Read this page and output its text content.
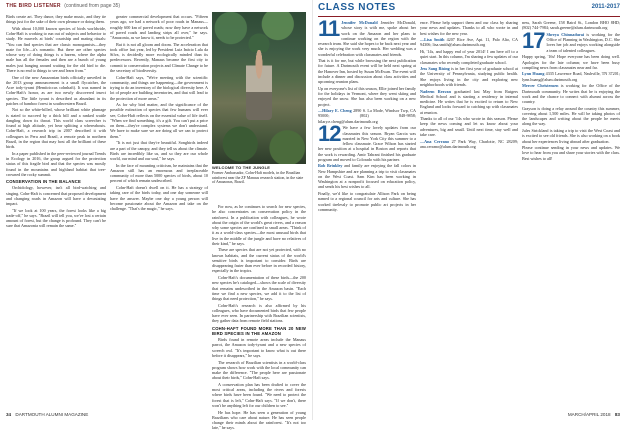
THE BIRD LISTENER (continued from page 35)

Birds create art. They dance, they make music, and they tie things just for the sake of their own pleasure or doing them.

With about 10,000 known species of birds worldwide, Cohn-Haft is working to run out of subjects and behavior to study. He marvels at birds' courtship and mating rituals: "You can find species that are classic monogamists—they mate for life—it's romantic. But there are other species whose way of doing things is a harem, where the alpha male has all the females and then are a bunch of young males just hanging around waiting for the old bird to die. There is no end to things to see and learn from."

One of the new Amazonian birds officially unveiled in the 2013 group announcement is a small flycatcher, the Acre tody-tyrant (Hemitriccus cohnhaft). It was named in Cohn-Haft's honor, as are two newly discovered insect species. The little tyrant is described as abundant in its patches of bamboo forest in southwestern Brazil.

Not so the white-billed, whose brilliant white plumage is stated to succeed by a thick bill and a ranked wattle dangling down its throat. This world class screecher is found at high altitude, yet hear splitting a whereabouts. Cohn-Haft, a research trip in 2007 described it with colleagues in Peru and Brazil, a remote peak in northern Brazil, in the region that may host all the brilliant of these birds.

In a paper published in the peer-reviewed journal Trends in Ecology in 2016, the group argued for the protection status of this fragile bird and that the species was mostly found in the mountains and highland habitat that tree-crowned the rocky summit.

CONSERVATION IN THE BALANCE

Orchidology, however, isn't all bird-watching and singing. Cohn-Haft is concerned that proposed development and changing roads in Amazon will have a devastating impact.

"If we look at 100 years, the forest looks like a big trade-off," he says. "Brazil will tell you, we've lost a certain amount of forest, but the change is profound. They can't be sure that Amazonia will remain the same."

greater commercial development that occurs. "Fifteen years ago, we had a network of poor roads in Manaus—roughly 600 km of paved roads; now they have a network of paved roads and landing strips all over," he says. "Amazonia, as we know it, needs to be protected."

But it is not all gloom and doom. The acceleration that took office last year, led by President Luiz Inácio Lula da Silva, is decidedly more ecologically minded than its predecessors. Recently, Manaus became the first city to commit to conservation projects and Climate Change to be the secretary of biodiversity.

Cohn-Haft says, "We're meeting with the scientific community, and things are happening—the government is trying to do an inventory of the biological diversity here. A lot of people are building inventories, and that will lead to the protection of more areas."

As for why bird matter, and the significance of the possible extinction of species that few humans will ever see, Cohn-Haft reflects on the essential value of life itself. "When we find something, it's a gift. You can't put a price on them—they're complex systems we don't understand. We have to make sure we are doing all we can to protect them."

"It is not just that they're beautiful. Songbirds indeed are a part of the canopy, and they tell us about the climate. Birds are incredibly like us, and so they are our whole world, our mind and our soul," he says.

In the face of mounting criticism, he maintains that the Amazon still has an enormous and irreplaceable community of more than 5000 species of birds, about 10 percent of which remain undescribed.

Cohn-Haft doesn't dwell on it. He has a strategy of taking care of the birds today, and one day someone will have the answer. Maybe one day a young person will become passionate about the Amazon and take on the challenge. "That's the magic," he says.

WELCOME TO THE JUNGLE
Former Ambassador, Cohn-Haft models, in the Brazilian rainforest near the ZF Manaus research station, in the state of Amazonas, Brazil.

For now, as he continues to search for new species, he also concentrates on conservation policy in the rainforest. In a publication with colleagues, he wrote about the origin of the world's great rivers, and a reason why some species are confined to small areas. "Think of it as a world-class species—the most unusual birds that live in the middle of the jungle and have no relatives of their kind," he says.

These are species that are not yet protected, with no known habitats, and the current status of the world's sensitive birds is important to consider. Birds are disappearing faster than ever before in recorded history, especially in the tropics.

Cohn-Haft's documentation of these birds—the 200 new species he's cataloged—shows the scale of diversity that remains undescribed in the Amazon basin. "Each time we find a new species, we add it to the list of things that need protection," he says.

Cohn-Haft's research is also affirmed by his colleagues, who have documented birds that few people have ever seen. In partnership with Brazilian scientists, they gather data from remote field stations.

COHN-HAFT FOUND MORE THAN 20 NEW BIRD SPECIES IN THE AMAZON

Birds found in remote areas include the Manaus parrot, the Amazon tody-tyrant and a new species of screech owl. "It's important to know what is out there before it disappears," he says.

The research of Brazilian scientists in a world-class program shows how work with the local community can make the difference. "The people here are passionate about their birds," Cohn-Haft says.

A conservation plan has been drafted to cover the most critical areas, including the rivers and forests where birds have been found. "We need to protect the forest that is left," Cohn-Haft says. "If we don't, there won't be anything left for our children to see."

He has hope. He has seen a generation of young Brazilians who care about nature. He has seen people change their minds about the rainforest. "It's not too late," he says.

CLASS NOTES	2011-2017

11 Jennifer McDonald Jennifer McDonald, whose story is with me, spoke about her work on the Amazon and her plans to continue working on the region with the research team. She said she hopes to be back next year and she is enjoying the work very much. Her wedding was a wonderful celebration with classmates and friends.

That is it for me, but while browsing the next publication for future. A Dartmouth event will be held next spring at the Hanover Inn, hosted by Susan McEwan. The event will include a dinner and discussion about class activities and upcoming reunion plans.

Up on everyone's list of this season, Ellie joined her family for the holidays in Vermont, where they went skiing and enjoyed the snow. She has also been working on a new project.

—Hilary E. Cheng 2890 S. La Mode, Windsor Twp, CA 95000; (802) 848-9858; hilary.e.cheng@alum.dartmouth.org

12 We have a few lovely updates from our classmates this season. Bryan Garcia was married in New York City this summer to a fellow classmate. Grace Wilson has started her new position at a hospital in Boston and reports that the work is rewarding. Amir Tahrani finished his graduate program and moved to Colorado with his partner.

Rob Brinkley and family are enjoying the fall colors in New Hampshire and are planning a trip to visit classmates on the West Coast. Sam Kim has been working in Washington at a nonprofit focused on education policy, and sends his best wishes to all.

Finally, we'd like to congratulate Allison Park on being named to a regional council for arts and culture. She has worked tirelessly to promote public art projects in her community.

ence. Please help support them and our class by sharing your news and updates. Thanks to all who wrote in and best wishes for the new year.

—Lisa Smith 4207 Rice Ave, Apt. 11, Palo Alto, CA 94306; lisa.smith@alum.dartmouth.org

Hi, '14s, and happy end of year 2014! I am here off to a quiet start. In this column, I'm sharing a few updates of our classmates who recently completed graduate school.

Jess Sang Rising is in her first year of graduate school at the University of Pennsylvania, studying public health. She enjoys living in the city and exploring new neighborhoods with friends.

Nadeem Rezvan graduated last May from Rutgers Medical School and is starting a residency in internal medicine. He writes that he is excited to return to New England and looks forward to catching up with classmates at reunion.

Thanks to all of our '14s who wrote in this season. Please keep the news coming and let us know about your adventures, big and small. Until next time, stay well and take care.

—Ana Cerrano 27 Park Way, Charlotte, NC 28209; ana.cerrano@alum.dartmouth.org

ness, Sarah Greene, 158 Baird St., London BHO 8HD; (802) 744-7984; sarah.greene@alum.dartmouth.org

17 Shreya Chinnadurai is working for the Office of Planning in Washington, D.C. She loves her job and enjoys working alongside a team of talented colleagues.

Happy spring, '16s! Hope everyone has been doing well. Apologies for the late column; we have been busy compiling news from classmates near and far.

Lynn Huang 4335 Lawrence Road, Nashville, TN 37201; lynn.huang@alum.dartmouth.org

Mercer Christensen is working for the Office of the Dartmouth community. He writes that he is enjoying the work and the chance to connect with alumni across the country.

Grayson is doing a relay around the country this summer, covering about 1,500 miles. He will be taking photos of the landscapes and writing about the people he meets along the way.

Jules Strickland is taking a trip to visit the West Coast and is excited to see old friends. She is also working on a book about her experiences living abroad after graduation.

Please continue sending in your news and updates. We love to hear from you and share your stories with the class. Best wishes to all!

34 DARTMOUTH ALUMNI MAGAZINE	MARCH/APRIL 2018 83
